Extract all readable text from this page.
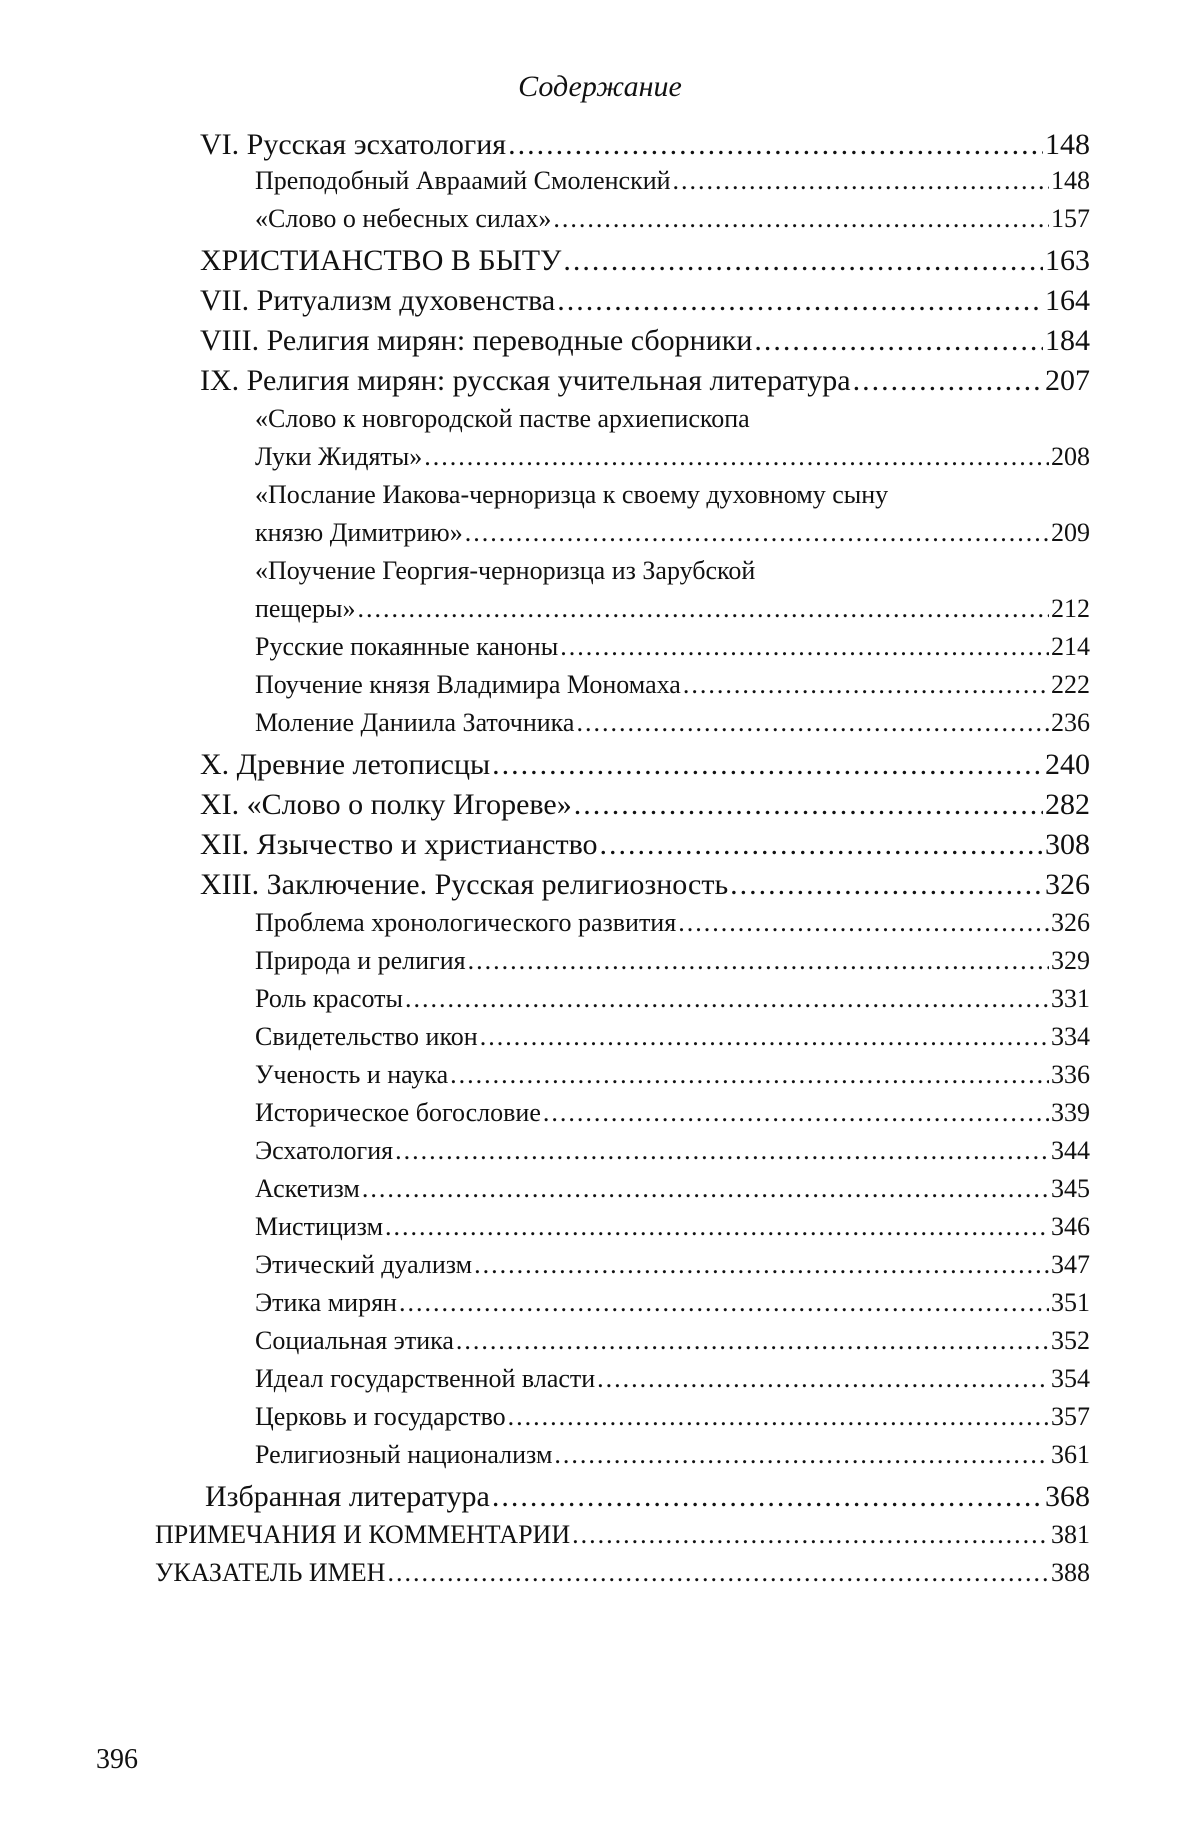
Содержание
VI. Русская эсхатология .....	148
Преподобный Авраамий Смоленский .....	148
«Слово о небесных силах» .....	157
ХРИСТИАНСТВО В БЫТУ .....	163
VII. Ритуализм духовенства .....	164
VIII. Религия мирян: переводные сборники .....	184
IX. Религия мирян: русская учительная литература .....	207
«Слово к новгородской пастве архиепископа
Луки Жидяты» .....	208
«Послание Иакова-черноризца к своему духовному сыну
князю Димитрию» .....	209
«Поучение Георгия-черноризца из Зарубской
пещеры» .....	212
Русские покаянные каноны .....	214
Поучение князя Владимира Мономаха .....	222
Моление Даниила Заточника .....	236
X. Древние летописцы .....	240
XI. «Слово о полку Игореве» .....	282
XII. Язычество и христианство .....	308
XIII. Заключение. Русская религиозность .....	326
Проблема хронологического развития .....	326
Природа и религия .....	329
Роль красоты .....	331
Свидетельство икон .....	334
Ученость и наука .....	336
Историческое богословие .....	339
Эсхатология .....	344
Аскетизм .....	345
Мистицизм .....	346
Этический дуализм .....	347
Этика мирян .....	351
Социальная этика .....	352
Идеал государственной власти .....	354
Церковь и государство .....	357
Религиозный национализм .....	361
Избранная литература .....	368
ПРИМЕЧАНИЯ И КОММЕНТАРИИ .....	381
УКАЗАТЕЛЬ ИМЕН .....	388
396
